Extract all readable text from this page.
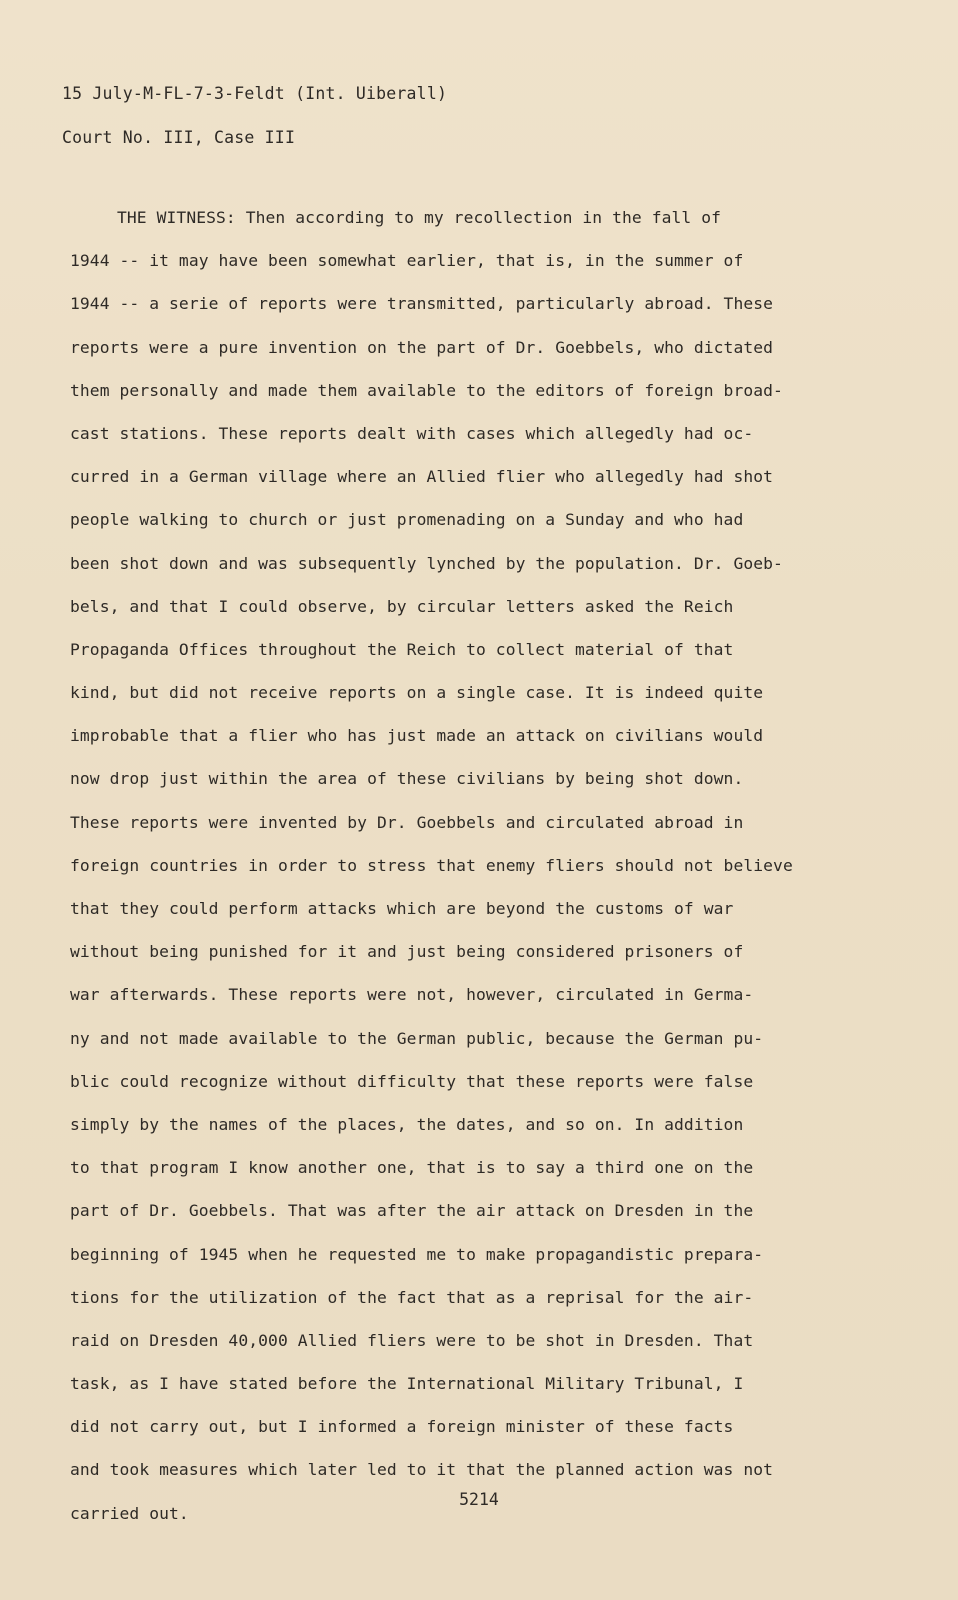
15 July-M-FL-7-3-Feldt (Int. Uiberall)
Court No. III, Case III
THE WITNESS: Then according to my recollection in the fall of
1944 -- it may have been somewhat earlier, that is, in the summer of
1944 -- a serie of reports were transmitted, particularly abroad. These
reports were a pure invention on the part of Dr. Goebbels, who dictated
them personally and made them available to the editors of foreign broad-
cast stations. These reports dealt with cases which allegedly had oc-
curred in a German village where an Allied flier who allegedly had shot
people walking to church or just promenading on a Sunday and who had
been shot down and was subsequently lynched by the population. Dr. Goeb-
bels, and that I could observe, by circular letters asked the Reich
Propaganda Offices throughout the Reich to collect material of that
kind, but did not receive reports on a single case. It is indeed quite
improbable that a flier who has just made an attack on civilians would
now drop just within the area of these civilians by being shot down.
These reports were invented by Dr. Goebbels and circulated abroad in
foreign countries in order to stress that enemy fliers should not believe
that they could perform attacks which are beyond the customs of war
without being punished for it and just being considered prisoners of
war afterwards. These reports were not, however, circulated in Germa-
ny and not made available to the German public, because the German pu-
blic could recognize without difficulty that these reports were false
simply by the names of the places, the dates, and so on. In addition
to that program I know another one, that is to say a third one on the
part of Dr. Goebbels. That was after the air attack on Dresden in the
beginning of 1945 when he requested me to make propagandistic prepara-
tions for the utilization of the fact that as a reprisal for the air-
raid on Dresden 40,000 Allied fliers were to be shot in Dresden. That
task, as I have stated before the International Military Tribunal, I
did not carry out, but I informed a foreign minister of these facts
and took measures which later led to it that the planned action was not
carried out.
5214
